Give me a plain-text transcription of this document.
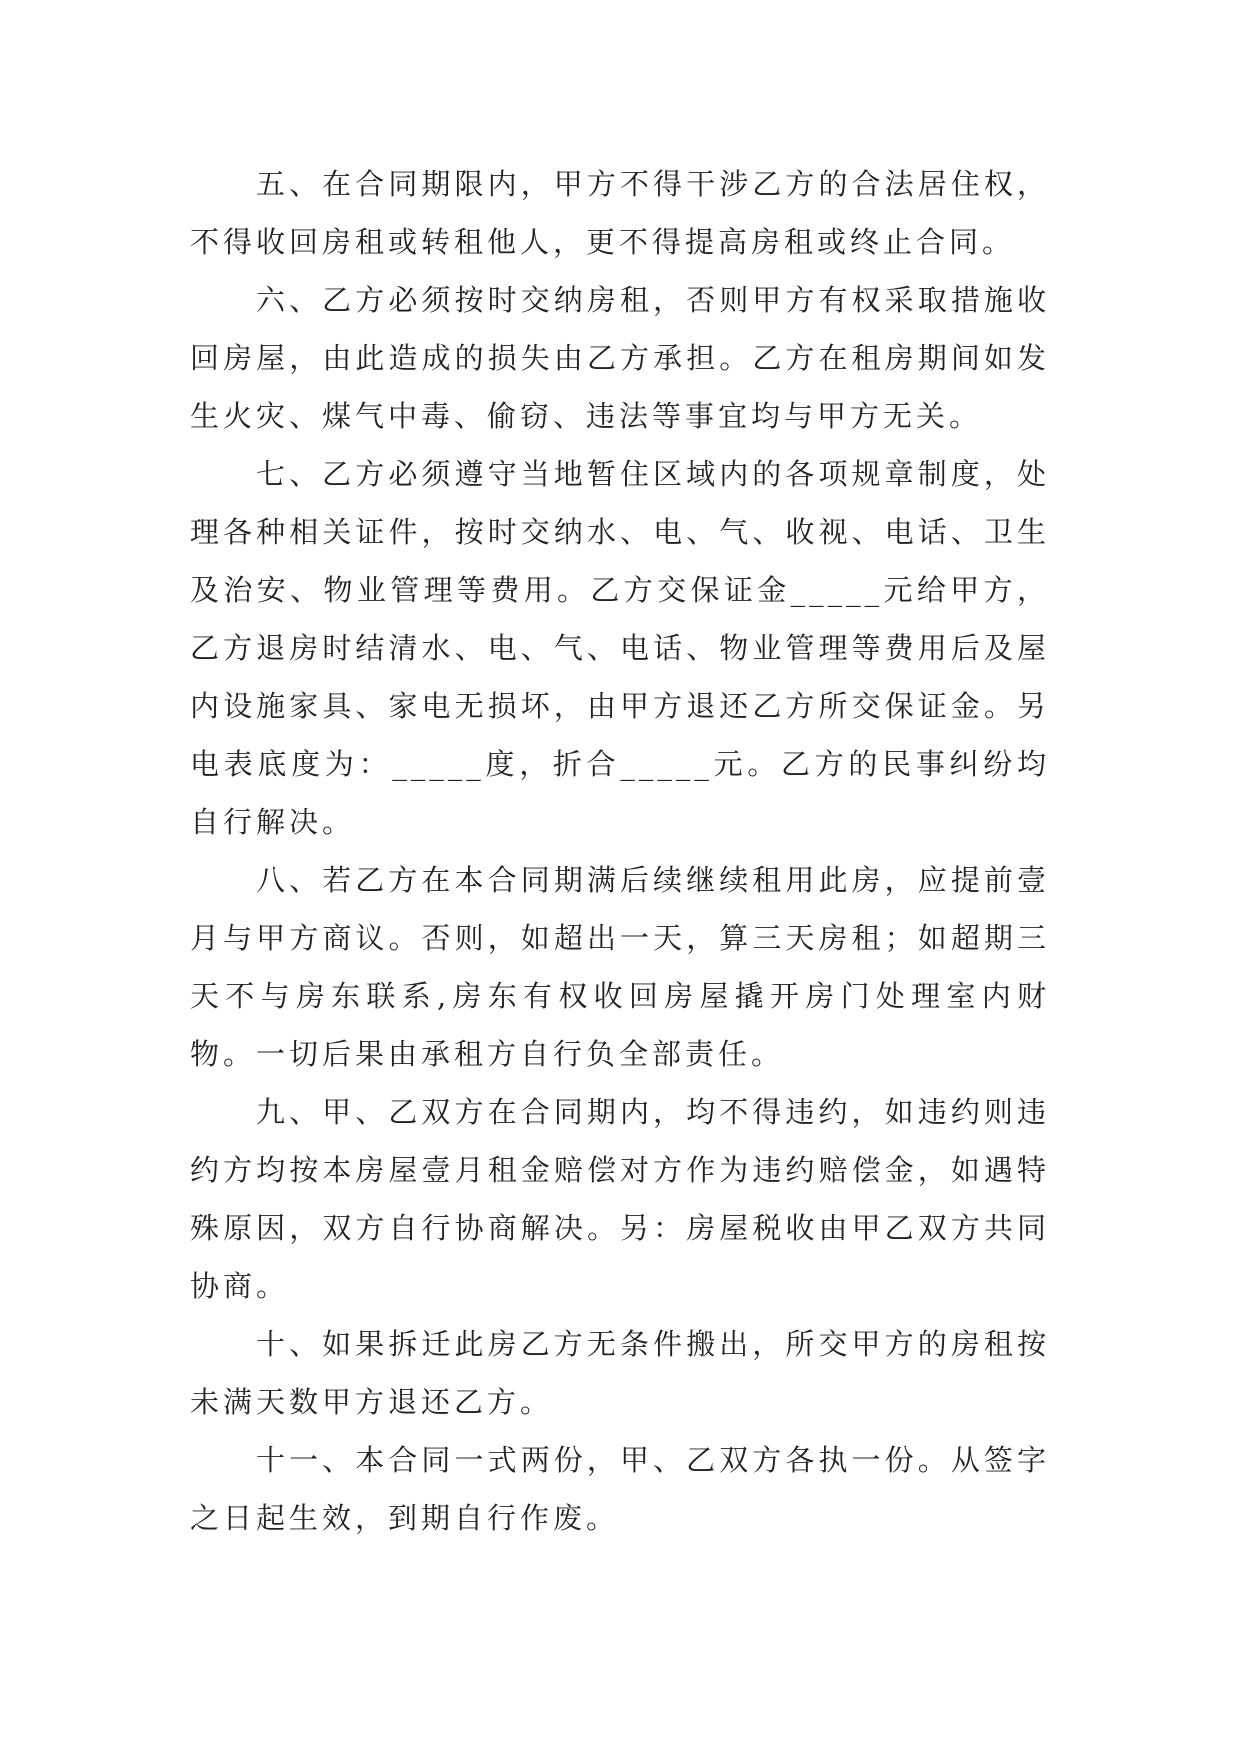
五、在合同期限内，甲方不得干涉乙方的合法居住权，不得收回房租或转租他人，更不得提高房租或终止合同。

六、乙方必须按时交纳房租，否则甲方有权采取措施收回房屋，由此造成的损失由乙方承担。乙方在租房期间如发生火灾、煤气中毒、偷窃、违法等事宜均与甲方无关。

七、乙方必须遵守当地暂住区域内的各项规章制度，处理各种相关证件，按时交纳水、电、气、收视、电话、卫生及治安、物业管理等费用。乙方交保证金_____元给甲方，乙方退房时结清水、电、气、电话、物业管理等费用后及屋内设施家具、家电无损坏，由甲方退还乙方所交保证金。另电表底度为：_____度，折合_____元。乙方的民事纠纷均自行解决。

八、若乙方在本合同期满后续继续租用此房，应提前壹月与甲方商议。否则，如超出一天，算三天房租；如超期三天不与房东联系,房东有权收回房屋撬开房门处理室内财物。一切后果由承租方自行负全部责任。

九、甲、乙双方在合同期内，均不得违约，如违约则违约方均按本房屋壹月租金赔偿对方作为违约赔偿金，如遇特殊原因，双方自行协商解决。另：房屋税收由甲乙双方共同协商。

十、如果拆迁此房乙方无条件搬出，所交甲方的房租按未满天数甲方退还乙方。

十一、本合同一式两份，甲、乙双方各执一份。从签字之日起生效，到期自行作废。
